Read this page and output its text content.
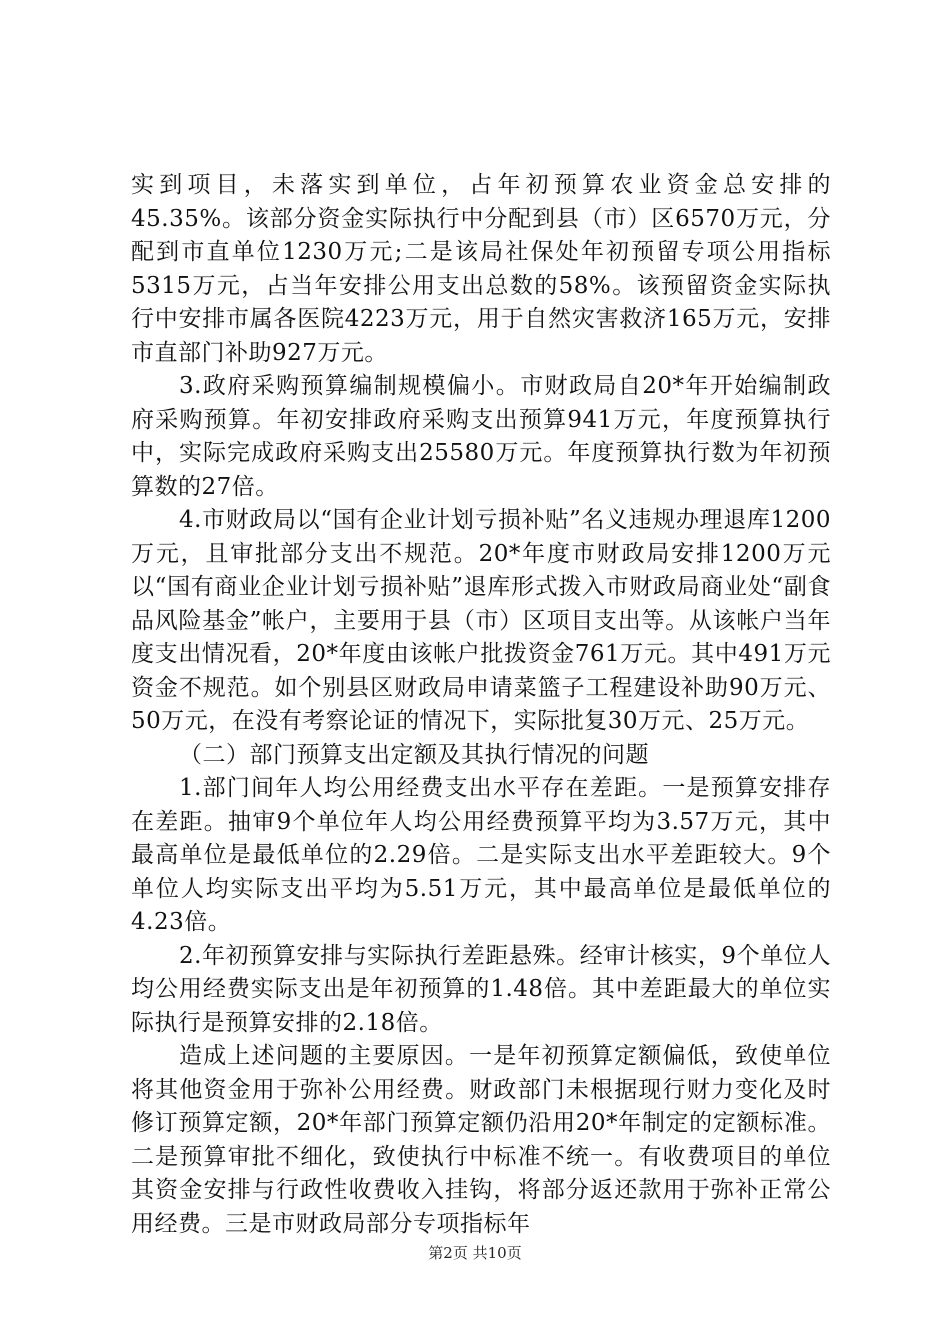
实到项目，未落实到单位，占年初预算农业资金总安排的45.35%。该部分资金实际执行中分配到县（市）区6570万元，分配到市直单位1230万元;二是该局社保处年初预留专项公用指标5315万元，占当年安排公用支出总数的58%。该预留资金实际执行中安排市属各医院4223万元，用于自然灾害救济165万元，安排市直部门补助927万元。

3.政府采购预算编制规模偏小。市财政局自20*年开始编制政府采购预算。年初安排政府采购支出预算941万元，年度预算执行中，实际完成政府采购支出25580万元。年度预算执行数为年初预算数的27倍。

4.市财政局以“国有企业计划亏损补贴”名义违规办理退库1200万元，且审批部分支出不规范。20*年度市财政局安排1200万元以“国有商业企业计划亏损补贴”退库形式拨入市财政局商业处“副食品风险基金”帐户，主要用于县（市）区项目支出等。从该帐户当年度支出情况看，20*年度由该帐户批拨资金761万元。其中491万元资金不规范。如个别县区财政局申请菜篮子工程建设补助90万元、50万元，在没有考察论证的情况下，实际批复30万元、25万元。

（二）部门预算支出定额及其执行情况的问题

1.部门间年人均公用经费支出水平存在差距。一是预算安排存在差距。抽审9个单位年人均公用经费预算平均为3.57万元，其中最高单位是最低单位的2.29倍。二是实际支出水平差距较大。9个单位人均实际支出平均为5.51万元，其中最高单位是最低单位的4.23倍。

2.年初预算安排与实际执行差距悬殊。经审计核实，9个单位人均公用经费实际支出是年初预算的1.48倍。其中差距最大的单位实际执行是预算安排的2.18倍。

造成上述问题的主要原因。一是年初预算定额偏低，致使单位将其他资金用于弥补公用经费。财政部门未根据现行财力变化及时修订预算定额，20*年部门预算定额仍沿用20*年制定的定额标准。二是预算审批不细化，致使执行中标准不统一。有收费项目的单位其资金安排与行政性收费收入挂钩，将部分返还款用于弥补正常公用经费。三是市财政局部分专项指标年

第2页 共10页
